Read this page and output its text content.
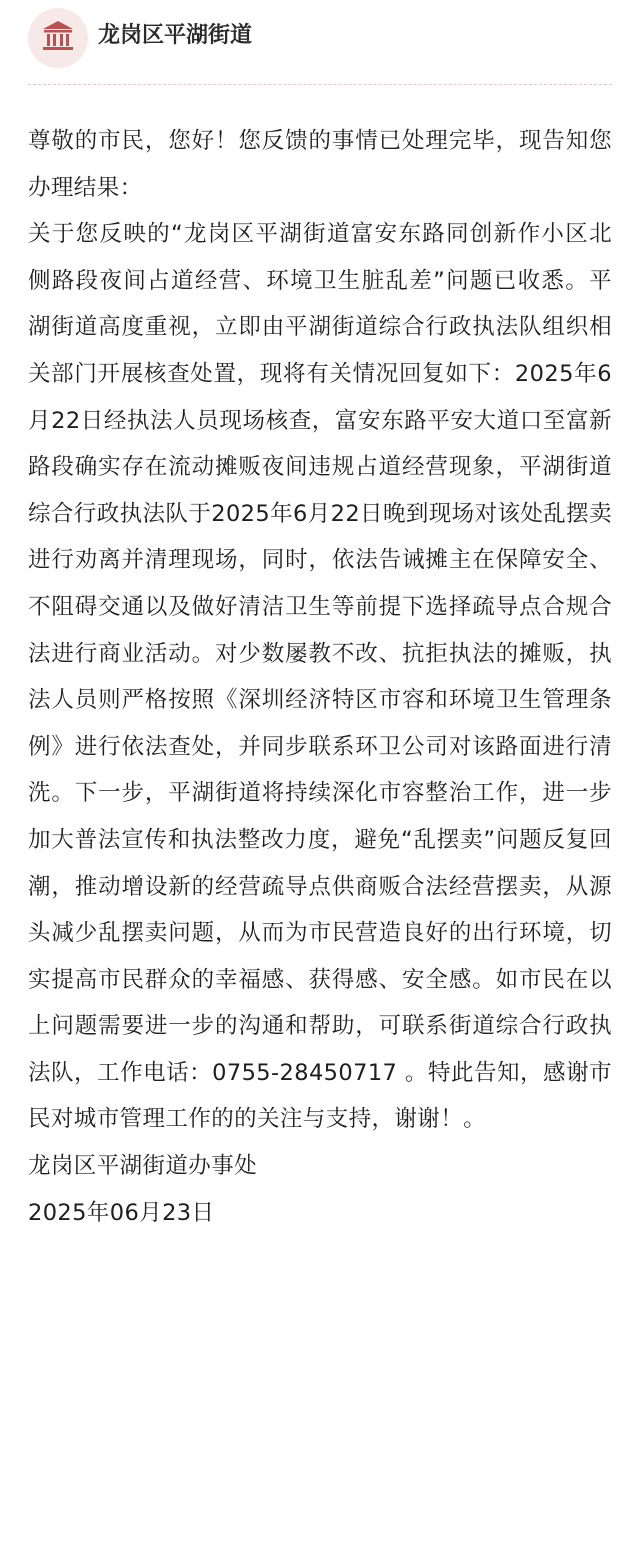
龙岗区平湖街道

尊敬的市民，您好！您反馈的事情已处理完毕，现告知您办理结果：

关于您反映的“龙岗区平湖街道富安东路同创新作小区北侧路段夜间占道经营、环境卫生脏乱差”问题已收悉。平湖街道高度重视，立即由平湖街道综合行政执法队组织相关部门开展核查处置，现将有关情况回复如下：2025年6月22日经执法人员现场核查，富安东路平安大道口至富新路段确实存在流动摊贩夜间违规占道经营现象，平湖街道综合行政执法队于2025年6月22日晚到现场对该处乱摆卖进行劝离并清理现场，同时，依法告诫摊主在保障安全、不阻碍交通以及做好清洁卫生等前提下选择疏导点合规合法进行商业活动。对少数屡教不改、抗拒执法的摊贩，执法人员则严格按照《深圳经济特区市容和环境卫生管理条例》进行依法查处，并同步联系环卫公司对该路面进行清洗。下一步，平湖街道将持续深化市容整治工作，进一步加大普法宣传和执法整改力度，避免“乱摆卖”问题反复回潮，推动增设新的经营疏导点供商贩合法经营摆卖，从源头减少乱摆卖问题，从而为市民营造良好的出行环境，切实提高市民群众的幸福感、获得感、安全感。如市民在以上问题需要进一步的沟通和帮助，可联系街道综合行政执法队，工作电话：0755-28450717 。特此告知，感谢市民对城市管理工作的的关注与支持，谢谢！。

龙岗区平湖街道办事处

2025年06月23日
